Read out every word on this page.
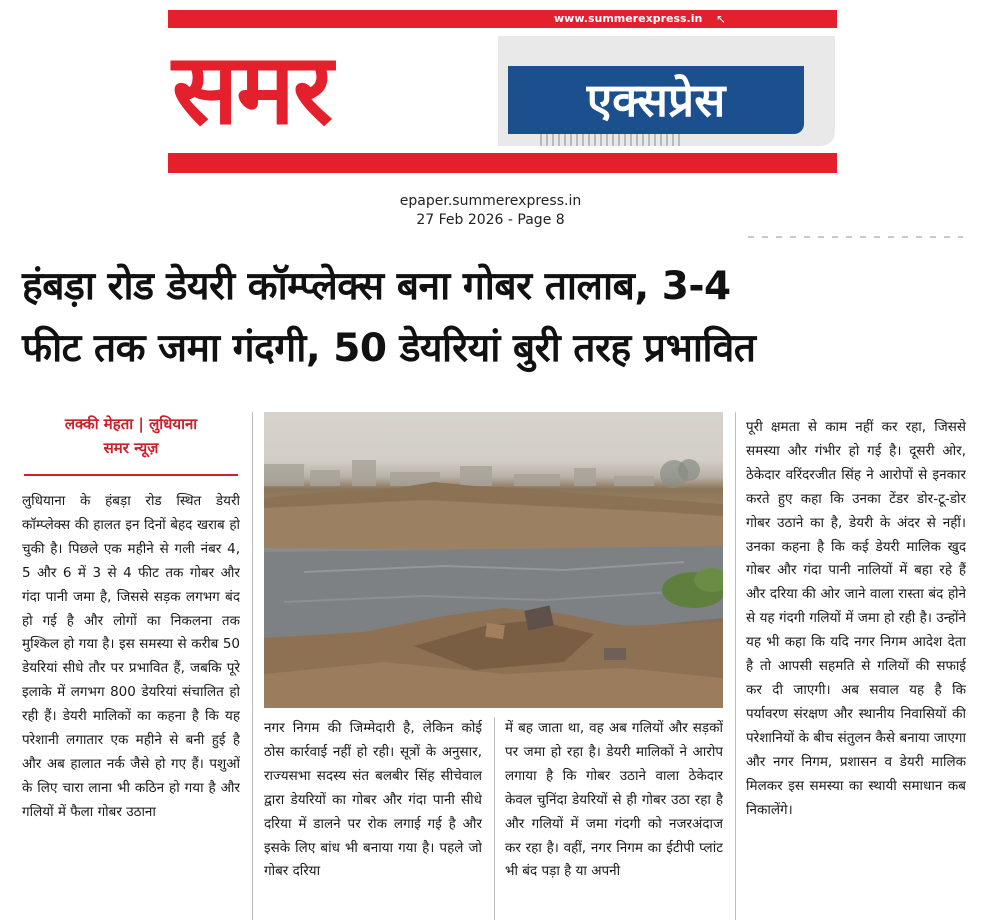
www.summerexpress.in ↖
समर	एक्सप्रेस
epaper.summerexpress.in
27 Feb 2026 - Page 8
हंबड़ा रोड डेयरी कॉम्प्लेक्स बना गोबर तालाब, 3-4
फीट तक जमा गंदगी, 50 डेयरियां बुरी तरह प्रभावित
लक्की मेहता | लुधियाना
समर न्यूज़
लुधियाना के हंबड़ा रोड स्थित डेयरी कॉम्प्लेक्स की हालत इन दिनों बेहद खराब हो चुकी है। पिछले एक महीने से गली नंबर 4, 5 और 6 में 3 से 4 फीट तक गोबर और गंदा पानी जमा है, जिससे सड़क लगभग बंद हो गई है और लोगों का निकलना तक मुश्किल हो गया है। इस समस्या से करीब 50 डेयरियां सीधे तौर पर प्रभावित हैं, जबकि पूरे इलाके में लगभग 800 डेयरियां संचालित हो रही हैं। डेयरी मालिकों का कहना है कि यह परेशानी लगातार एक महीने से बनी हुई है और अब हालात नर्क जैसे हो गए हैं। पशुओं के लिए चारा लाना भी कठिन हो गया है और गलियों में फैला गोबर उठाना
नगर निगम की जिम्मेदारी है, लेकिन कोई ठोस कार्रवाई नहीं हो रही। सूत्रों के अनुसार, राज्यसभा सदस्य संत बलबीर सिंह सीचेवाल द्वारा डेयरियों का गोबर और गंदा पानी सीधे दरिया में डालने पर रोक लगाई गई है और इसके लिए बांध भी बनाया गया है। पहले जो गोबर दरिया
में बह जाता था, वह अब गलियों और सड़कों पर जमा हो रहा है। डेयरी मालिकों ने आरोप लगाया है कि गोबर उठाने वाला ठेकेदार केवल चुनिंदा डेयरियों से ही गोबर उठा रहा है और गलियों में जमा गंदगी को नजरअंदाज कर रहा है। वहीं, नगर निगम का ईटीपी प्लांट भी बंद पड़ा है या अपनी
पूरी क्षमता से काम नहीं कर रहा, जिससे समस्या और गंभीर हो गई है। दूसरी ओर, ठेकेदार वरिंदरजीत सिंह ने आरोपों से इनकार करते हुए कहा कि उनका टेंडर डोर-टू-डोर गोबर उठाने का है, डेयरी के अंदर से नहीं। उनका कहना है कि कई डेयरी मालिक खुद गोबर और गंदा पानी नालियों में बहा रहे हैं और दरिया की ओर जाने वाला रास्ता बंद होने से यह गंदगी गलियों में जमा हो रही है। उन्होंने यह भी कहा कि यदि नगर निगम आदेश देता है तो आपसी सहमति से गलियों की सफाई कर दी जाएगी। अब सवाल यह है कि पर्यावरण संरक्षण और स्थानीय निवासियों की परेशानियों के बीच संतुलन कैसे बनाया जाएगा और नगर निगम, प्रशासन व डेयरी मालिक मिलकर इस समस्या का स्थायी समाधान कब निकालेंगे।
